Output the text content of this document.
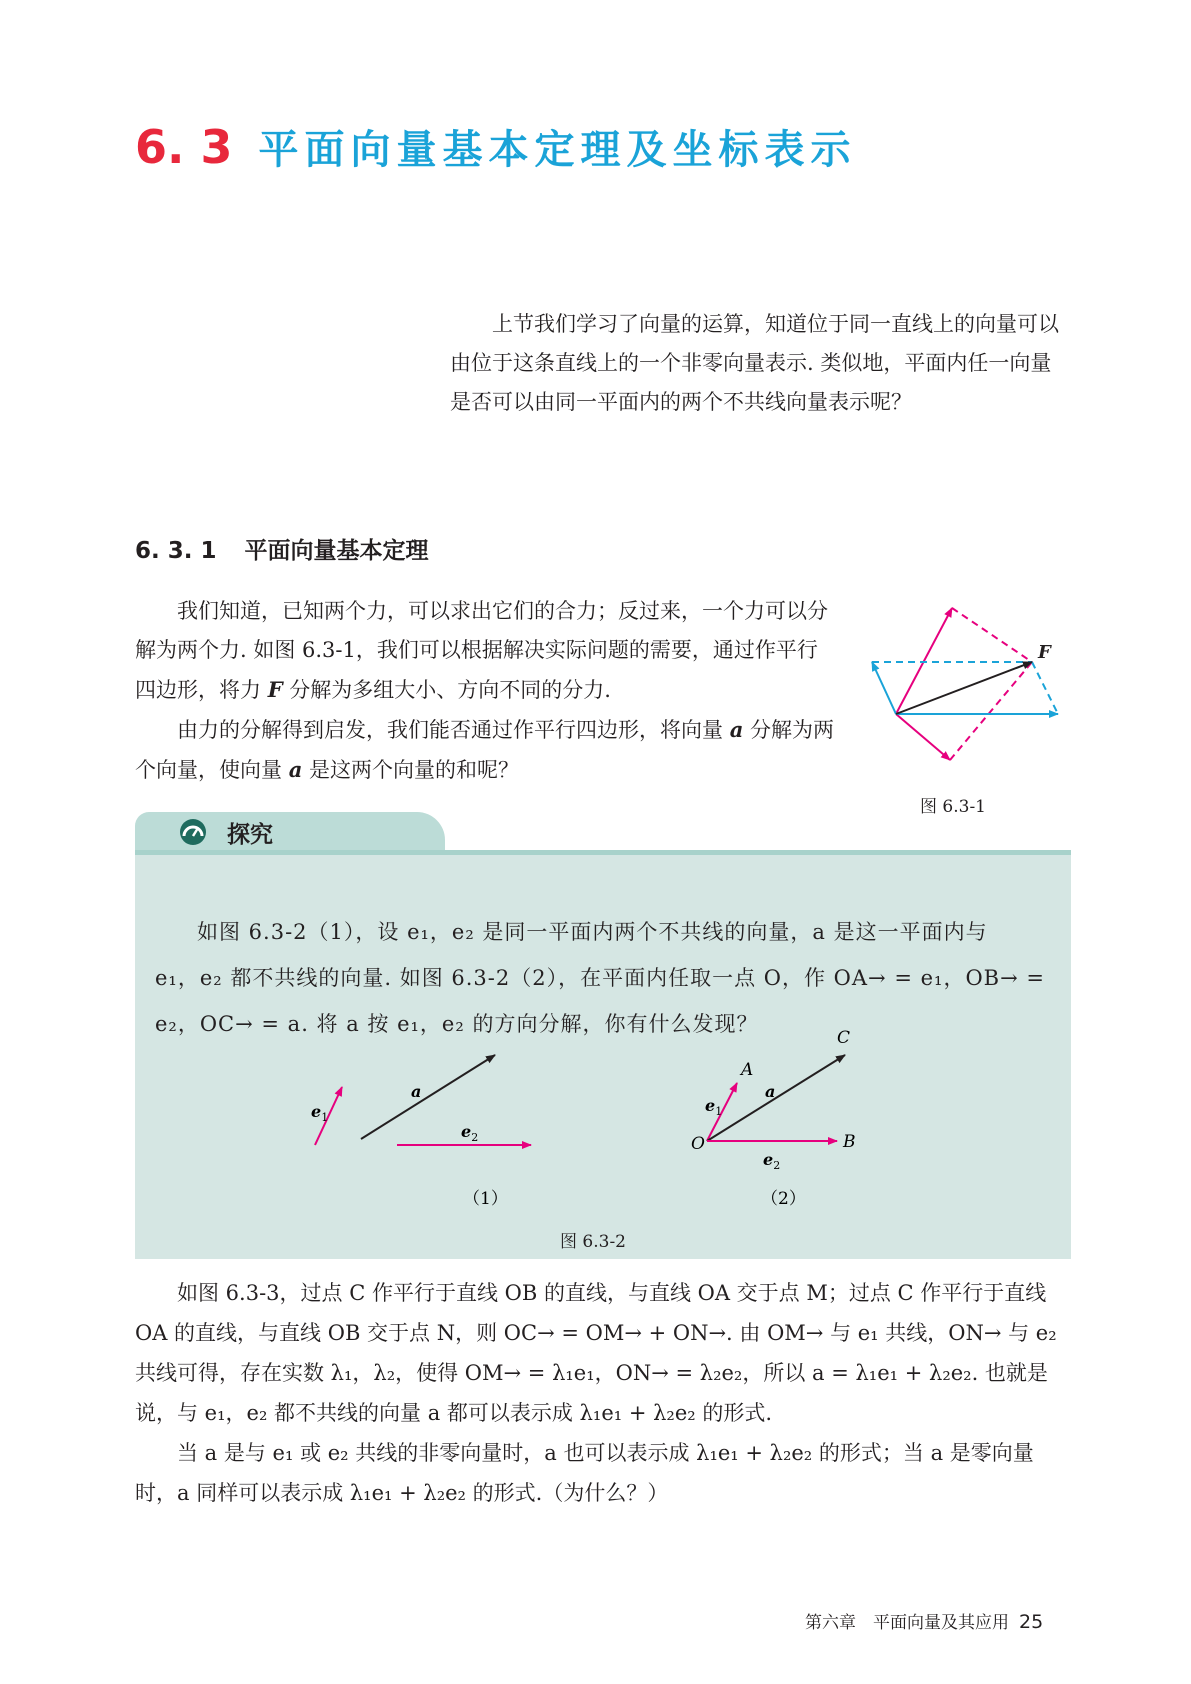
6. 3 平面向量基本定理及坐标表示
上节我们学习了向量的运算，知道位于同一直线上的向量可以由位于这条直线上的一个非零向量表示. 类似地，平面内任一向量是否可以由同一平面内的两个不共线向量表示呢？
6. 3. 1 平面向量基本定理
我们知道，已知两个力，可以求出它们的合力；反过来，一个力可以分解为两个力. 如图 6.3-1，我们可以根据解决实际问题的需要，通过作平行四边形，将力 F 分解为多组大小、方向不同的分力.
由力的分解得到启发，我们能否通过作平行四边形，将向量 a 分解为两个向量，使向量 a 是这两个向量的和呢？
F
图 6.3-1
探究
如图 6.3-2（1），设 e₁，e₂ 是同一平面内两个不共线的向量，a 是这一平面内与
e₁，e₂ 都不共线的向量. 如图 6.3-2（2），在平面内任取一点 O，作 OA→ = e₁，OB→ =
e₂，OC→ = a. 将 a 按 e₁，e₂ 的方向分解，你有什么发现？
$e_1$
a
$e_2$
（1）
O
A
B
C
$e_1$
a
$e_2$
（2）
图 6.3-2
如图 6.3-3，过点 C 作平行于直线 OB 的直线，与直线 OA 交于点 M；过点 C 作平行于直线 OA 的直线，与直线 OB 交于点 N，则 OC→ = OM→ + ON→. 由 OM→ 与 e₁ 共线，ON→ 与 e₂ 共线可得，存在实数 λ₁，λ₂，使得 OM→ = λ₁e₁，ON→ = λ₂e₂，所以 a = λ₁e₁ + λ₂e₂. 也就是说，与 e₁，e₂ 都不共线的向量 a 都可以表示成 λ₁e₁ + λ₂e₂ 的形式.
当 a 是与 e₁ 或 e₂ 共线的非零向量时，a 也可以表示成 λ₁e₁ + λ₂e₂ 的形式；当 a 是零向量时，a 同样可以表示成 λ₁e₁ + λ₂e₂ 的形式.（为什么？）
第六章　平面向量及其应用 25
